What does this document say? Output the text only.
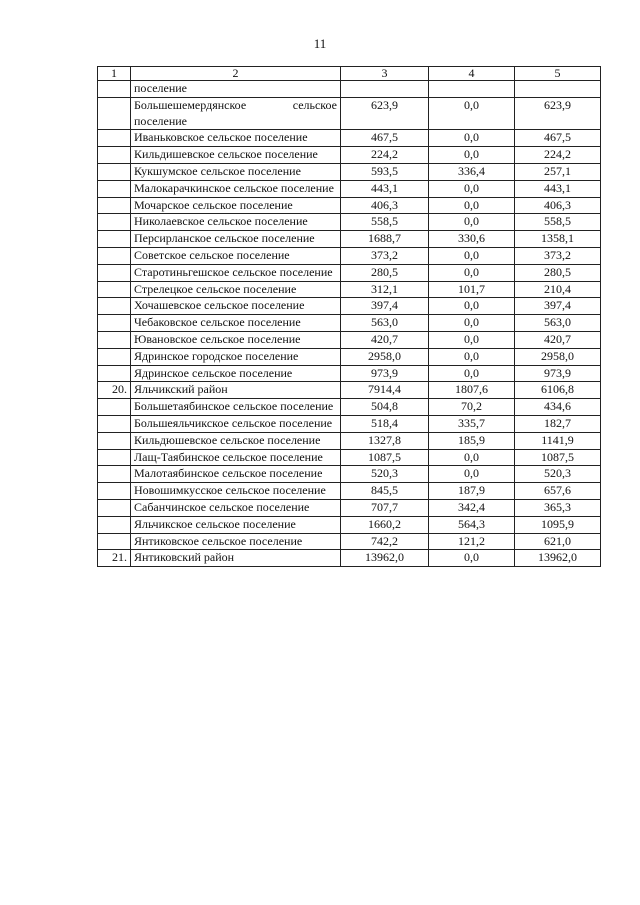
11
1	2	3	4	5
	поселение			
	Большешемердянское сельское поселение	623,9	0,0	623,9
	Иваньковское сельское поселение	467,5	0,0	467,5
	Кильдишевское сельское поселение	224,2	0,0	224,2
	Кукшумское сельское поселение	593,5	336,4	257,1
	Малокарачкинское сельское поселение	443,1	0,0	443,1
	Мочарское сельское поселение	406,3	0,0	406,3
	Николаевское сельское поселение	558,5	0,0	558,5
	Персирланское сельское поселение	1688,7	330,6	1358,1
	Советское сельское поселение	373,2	0,0	373,2
	Старотиньгешское сельское поселение	280,5	0,0	280,5
	Стрелецкое сельское поселение	312,1	101,7	210,4
	Хочашевское сельское поселение	397,4	0,0	397,4
	Чебаковское сельское поселение	563,0	0,0	563,0
	Ювановское сельское поселение	420,7	0,0	420,7
	Ядринское городское поселение	2958,0	0,0	2958,0
	Ядринское сельское поселение	973,9	0,0	973,9
20.	Яльчикский район	7914,4	1807,6	6106,8
	Большетаябинское сельское поселение	504,8	70,2	434,6
	Большеяльчикское сельское поселение	518,4	335,7	182,7
	Кильдюшевское сельское поселение	1327,8	185,9	1141,9
	Лащ-Таябинское сельское поселение	1087,5	0,0	1087,5
	Малотаябинское сельское поселение	520,3	0,0	520,3
	Новошимкусское сельское поселение	845,5	187,9	657,6
	Сабанчинское сельское поселение	707,7	342,4	365,3
	Яльчикское сельское поселение	1660,2	564,3	1095,9
	Янтиковское сельское поселение	742,2	121,2	621,0
21.	Янтиковский район	13962,0	0,0	13962,0
